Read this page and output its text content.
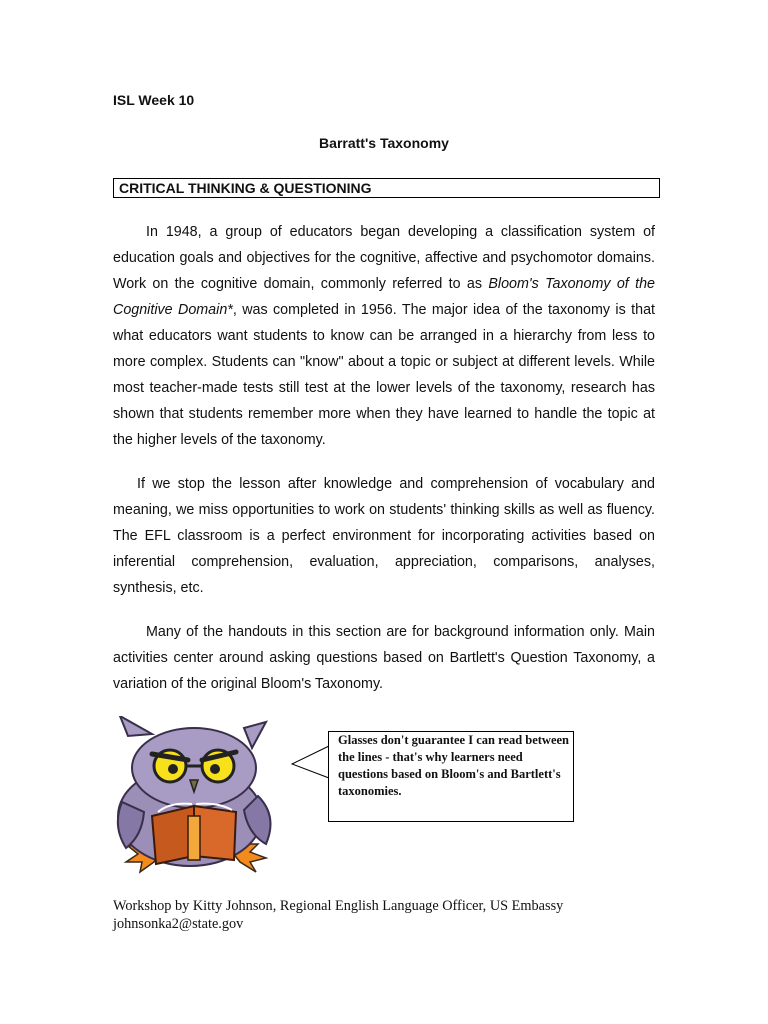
ISL Week 10
Barratt's Taxonomy
CRITICAL THINKING & QUESTIONING

In 1948, a group of educators began developing a classification system of education goals and objectives for the cognitive, affective and psychomotor domains. Work on the cognitive domain, commonly referred to as Bloom's Taxonomy of the Cognitive Domain*, was completed in 1956. The major idea of the taxonomy is that what educators want students to know can be arranged in a hierarchy from less to more complex. Students can "know" about a topic or subject at different levels. While most teacher-made tests still test at the lower levels of the taxonomy, research has shown that students remember more when they have learned to handle the topic at the higher levels of the taxonomy.

If we stop the lesson after knowledge and comprehension of vocabulary and meaning, we miss opportunities to work on students' thinking skills as well as fluency. The EFL classroom is a perfect environment for incorporating activities based on inferential comprehension, evaluation, appreciation, comparisons, analyses, synthesis, etc.

Many of the handouts in this section are for background information only. Main activities center around asking questions based on Bartlett's Question Taxonomy, a variation of the original Bloom's Taxonomy.

Glasses don't guarantee I can read between the lines - that's why learners need questions based on Bloom's and Bartlett's taxonomies.
Workshop by Kitty Johnson, Regional English Language Officer, US Embassy
johnsonka2@state.gov
